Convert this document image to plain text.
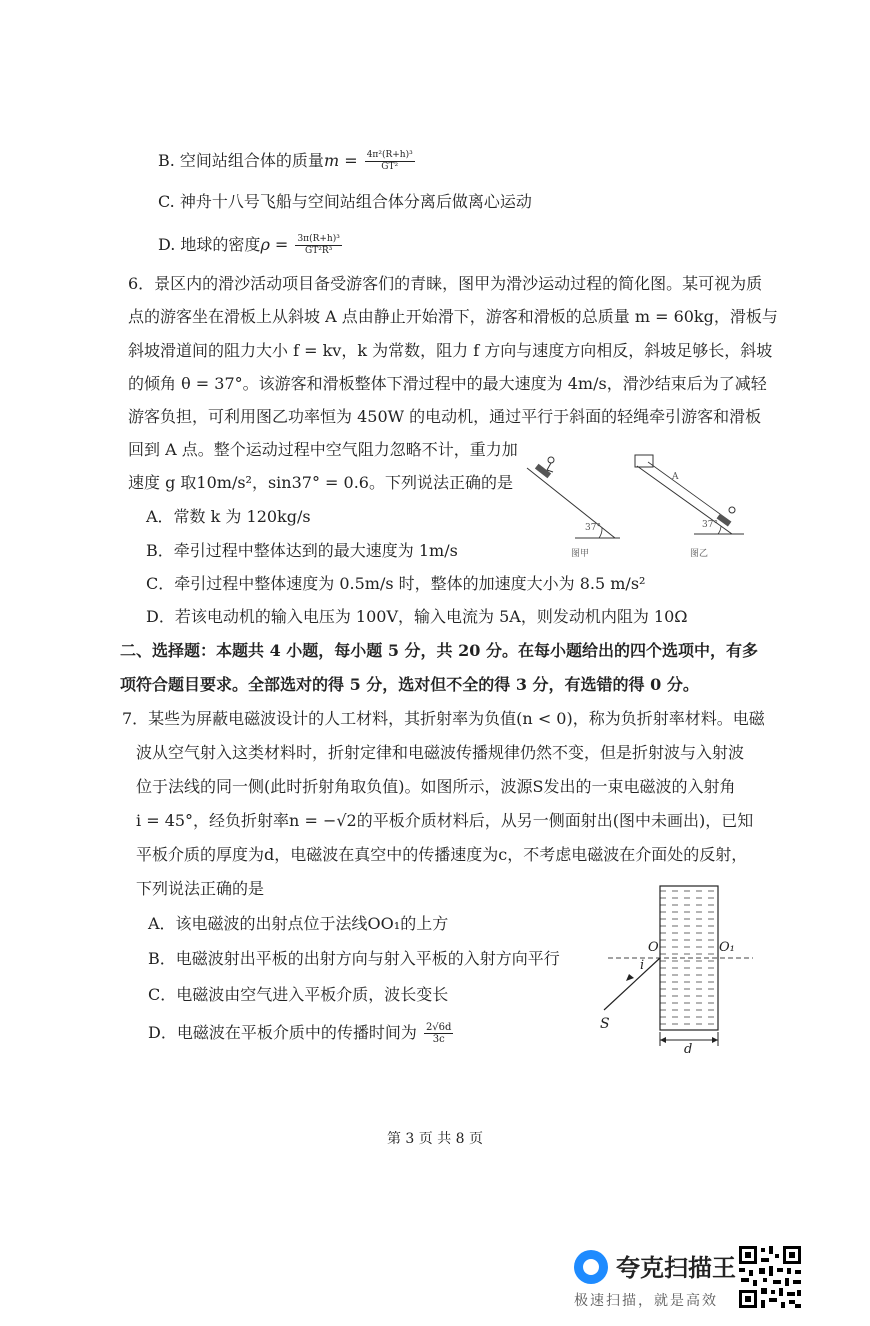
B. 空间站组合体的质量$m = \frac{\text{4π²(R+h)³}}{\text{GT²}}$
C. 神舟十八号飞船与空间站组合体分离后做离心运动
D. 地球的密度$\rho = \frac{\text{3π(R+h)³}}{\text{GT²R³}}$
6．景区内的滑沙活动项目备受游客们的青睐，图甲为滑沙运动过程的简化图。某可视为质
点的游客坐在滑板上从斜坡 A 点由静止开始滑下，游客和滑板的总质量 m = 60kg，滑板与
斜坡滑道间的阻力大小 f = kv，k 为常数，阻力 f 方向与速度方向相反，斜坡足够长，斜坡
的倾角 θ = 37°。该游客和滑板整体下滑过程中的最大速度为 4m/s，滑沙结束后为了减轻
游客负担，可利用图乙功率恒为 450W 的电动机，通过平行于斜面的轻绳牵引游客和滑板
回到 A 点。整个运动过程中空气阻力忽略不计，重力加
速度 g 取10m/s²，sin37° = 0.6。下列说法正确的是
A．常数 k 为 120kg/s
B．牵引过程中整体达到的最大速度为 1m/s
C．牵引过程中整体速度为 0.5m/s 时，整体的加速度大小为 8.5 m/s²
D．若该电动机的输入电压为 100V，输入电流为 5A，则发动机内阻为 10Ω
37°
图甲
A
37°
图乙
二、选择题：本题共 4 小题，每小题 5 分，共 20 分。在每小题给出的四个选项中，有多
项符合题目要求。全部选对的得 5 分，选对但不全的得 3 分，有选错的得 0 分。
7．某些为屏蔽电磁波设计的人工材料，其折射率为负值(n < 0)，称为负折射率材料。电磁
波从空气射入这类材料时，折射定律和电磁波传播规律仍然不变，但是折射波与入射波
位于法线的同一侧(此时折射角取负值)。如图所示，波源S发出的一束电磁波的入射角
i = 45°，经负折射率n = −√2的平板介质材料后，从另一侧面射出(图中未画出)，已知
平板介质的厚度为d，电磁波在真空中的传播速度为c，不考虑电磁波在介面处的反射，
下列说法正确的是
A．该电磁波的出射点位于法线OO₁的上方
B．电磁波射出平板的出射方向与射入平板的入射方向平行
C．电磁波由空气进入平板介质，波长变长
D．电磁波在平板介质中的传播时间为 $\frac{2√6d}{3c}$
O	O₁
i
S
d
第 3 页 共 8 页
夸克扫描王
极速扫描，就是高效
